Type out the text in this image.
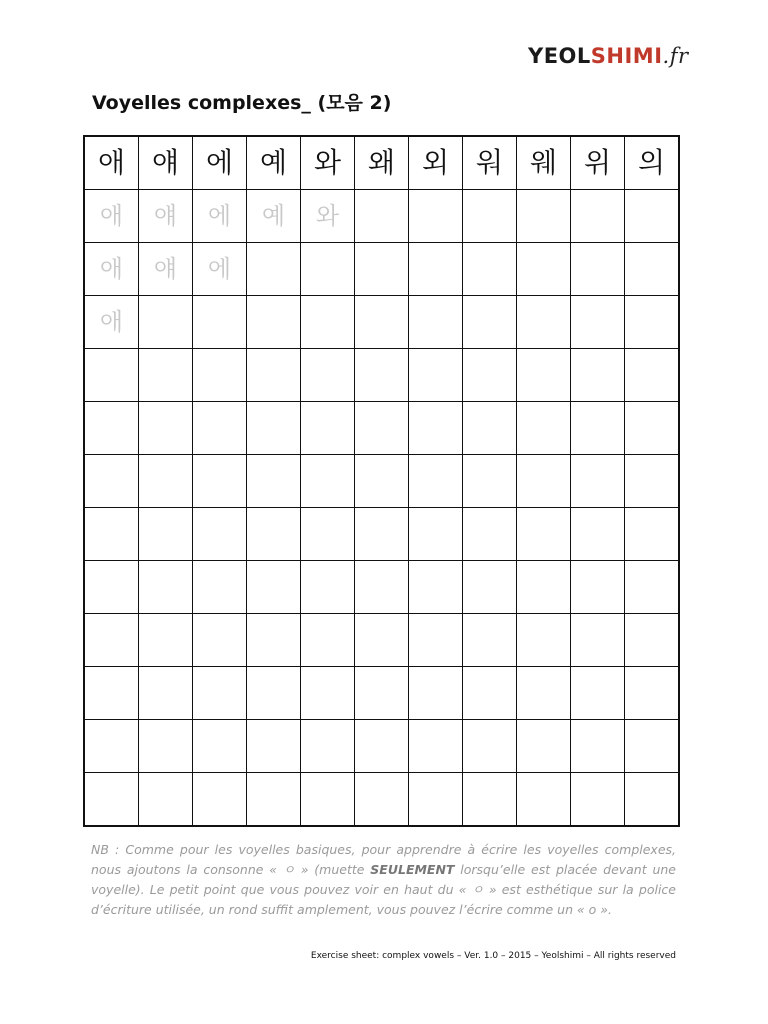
YEOLSHIMI.fr
Voyelles complexes_ (모음 2)
애	얘	에	예	와	왜	외	워	웨	위	의
애	얘	에	예	와						
애	얘	에								
애										

NB : Comme pour les voyelles basiques, pour apprendre à écrire les voyelles complexes, nous ajoutons la consonne « ㅇ » (muette SEULEMENT lorsqu’elle est placée devant une voyelle). Le petit point que vous pouvez voir en haut du « ㅇ » est esthétique sur la police d’écriture utilisée, un rond suffit amplement, vous pouvez l’écrire comme un « o ».
Exercise sheet: complex vowels – Ver. 1.0 – 2015 – Yeolshimi – All rights reserved
